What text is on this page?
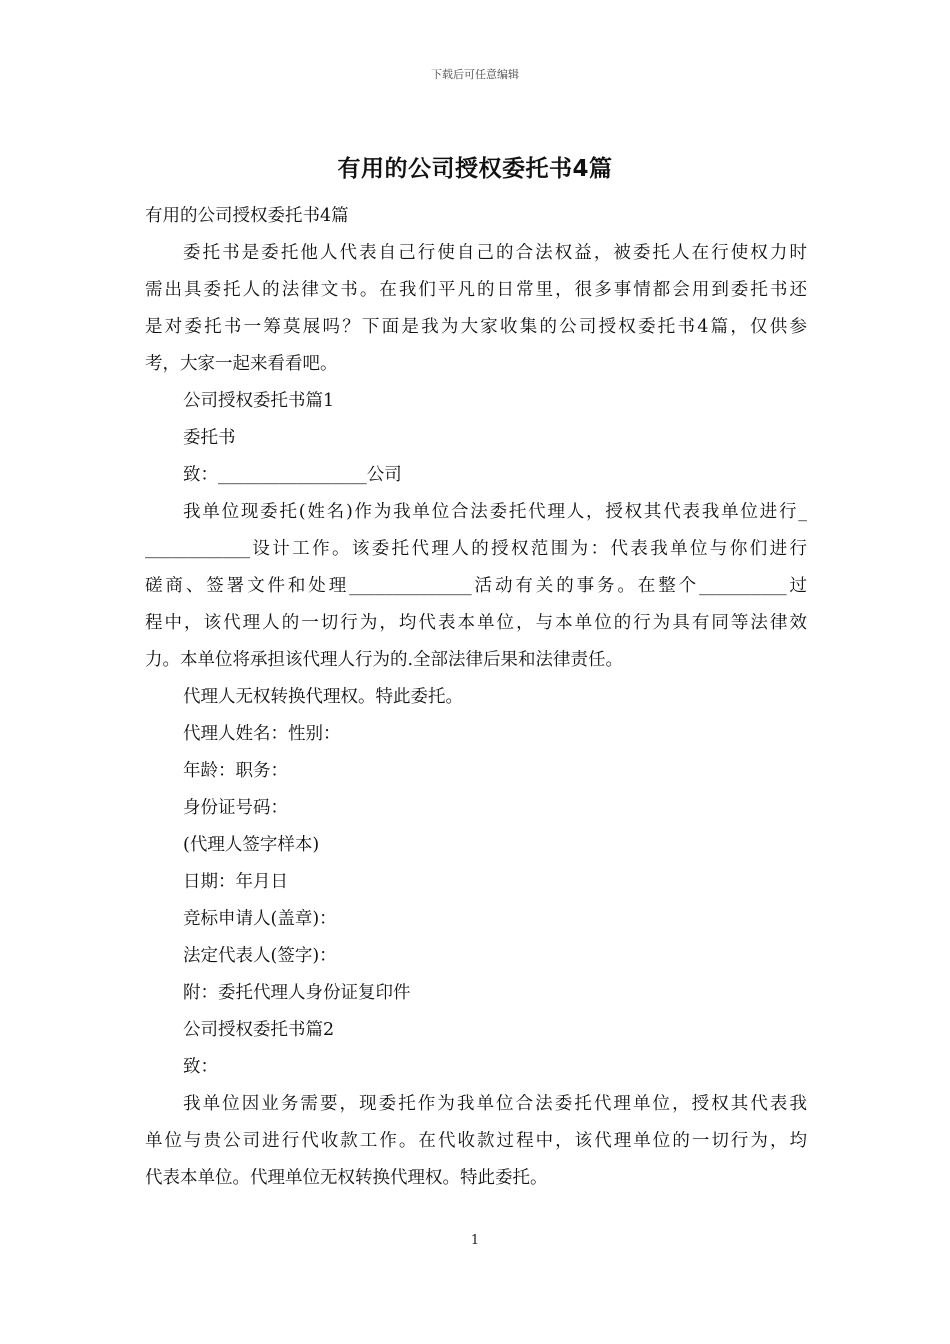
下载后可任意编辑
有用的公司授权委托书4篇
有用的公司授权委托书4篇
委托书是委托他人代表自己行使自己的合法权益，被委托人在行使权力时
需出具委托人的法律文书。在我们平凡的日常里，很多事情都会用到委托书还
是对委托书一筹莫展吗？下面是我为大家收集的公司授权委托书4篇，仅供参
考，大家一起来看看吧。
公司授权委托书篇1
委托书
致：_________________公司
我单位现委托(姓名)作为我单位合法委托代理人，授权其代表我单位进行_
____________设计工作。该委托代理人的授权范围为：代表我单位与你们进行
磋商、签署文件和处理______________活动有关的事务。在整个__________过
程中，该代理人的一切行为，均代表本单位，与本单位的行为具有同等法律效
力。本单位将承担该代理人行为的.全部法律后果和法律责任。
代理人无权转换代理权。特此委托。
代理人姓名：性别：
年龄：职务：
身份证号码：
(代理人签字样本)
日期：年月日
竞标申请人(盖章)：
法定代表人(签字)：
附：委托代理人身份证复印件
公司授权委托书篇2
致：
我单位因业务需要，现委托作为我单位合法委托代理单位，授权其代表我
单位与贵公司进行代收款工作。在代收款过程中，该代理单位的一切行为，均
代表本单位。代理单位无权转换代理权。特此委托。
1
